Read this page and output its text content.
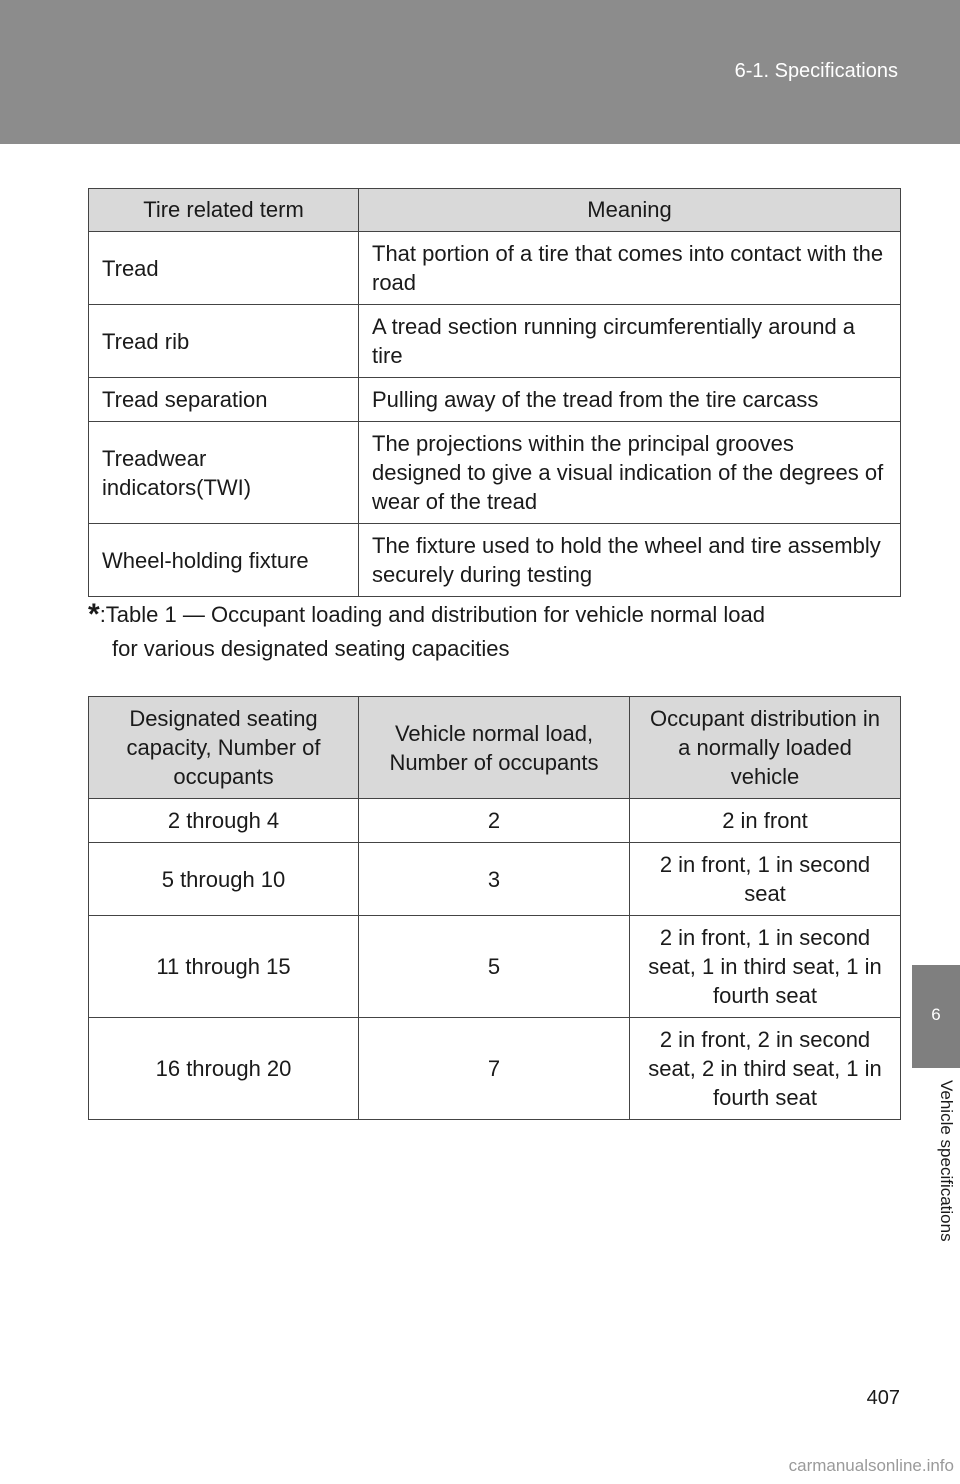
6-1. Specifications
6
Vehicle specifications
Tire related term	Meaning
Tread	That portion of a tire that comes into contact with the road
Tread rib	A tread section running circumferentially around a tire
Tread separation	Pulling away of the tread from the tire carcass
Treadwear indicators(TWI)	The projections within the principal grooves designed to give a visual indication of the degrees of wear of the tread
Wheel-holding fixture	The fixture used to hold the wheel and tire assembly securely during testing
*:Table 1 — Occupant loading and distribution for vehicle normal load
for various designated seating capacities
Designated seating capacity, Number of occupants	Vehicle normal load, Number of occupants	Occupant distribution in a normally loaded vehicle
2 through 4	2	2 in front
5 through 10	3	2 in front, 1 in second seat
11 through 15	5	2 in front, 1 in second seat, 1 in third seat, 1 in fourth seat
16 through 20	7	2 in front, 2 in second seat, 2 in third seat, 1 in fourth seat
407
carmanualsonline.info
